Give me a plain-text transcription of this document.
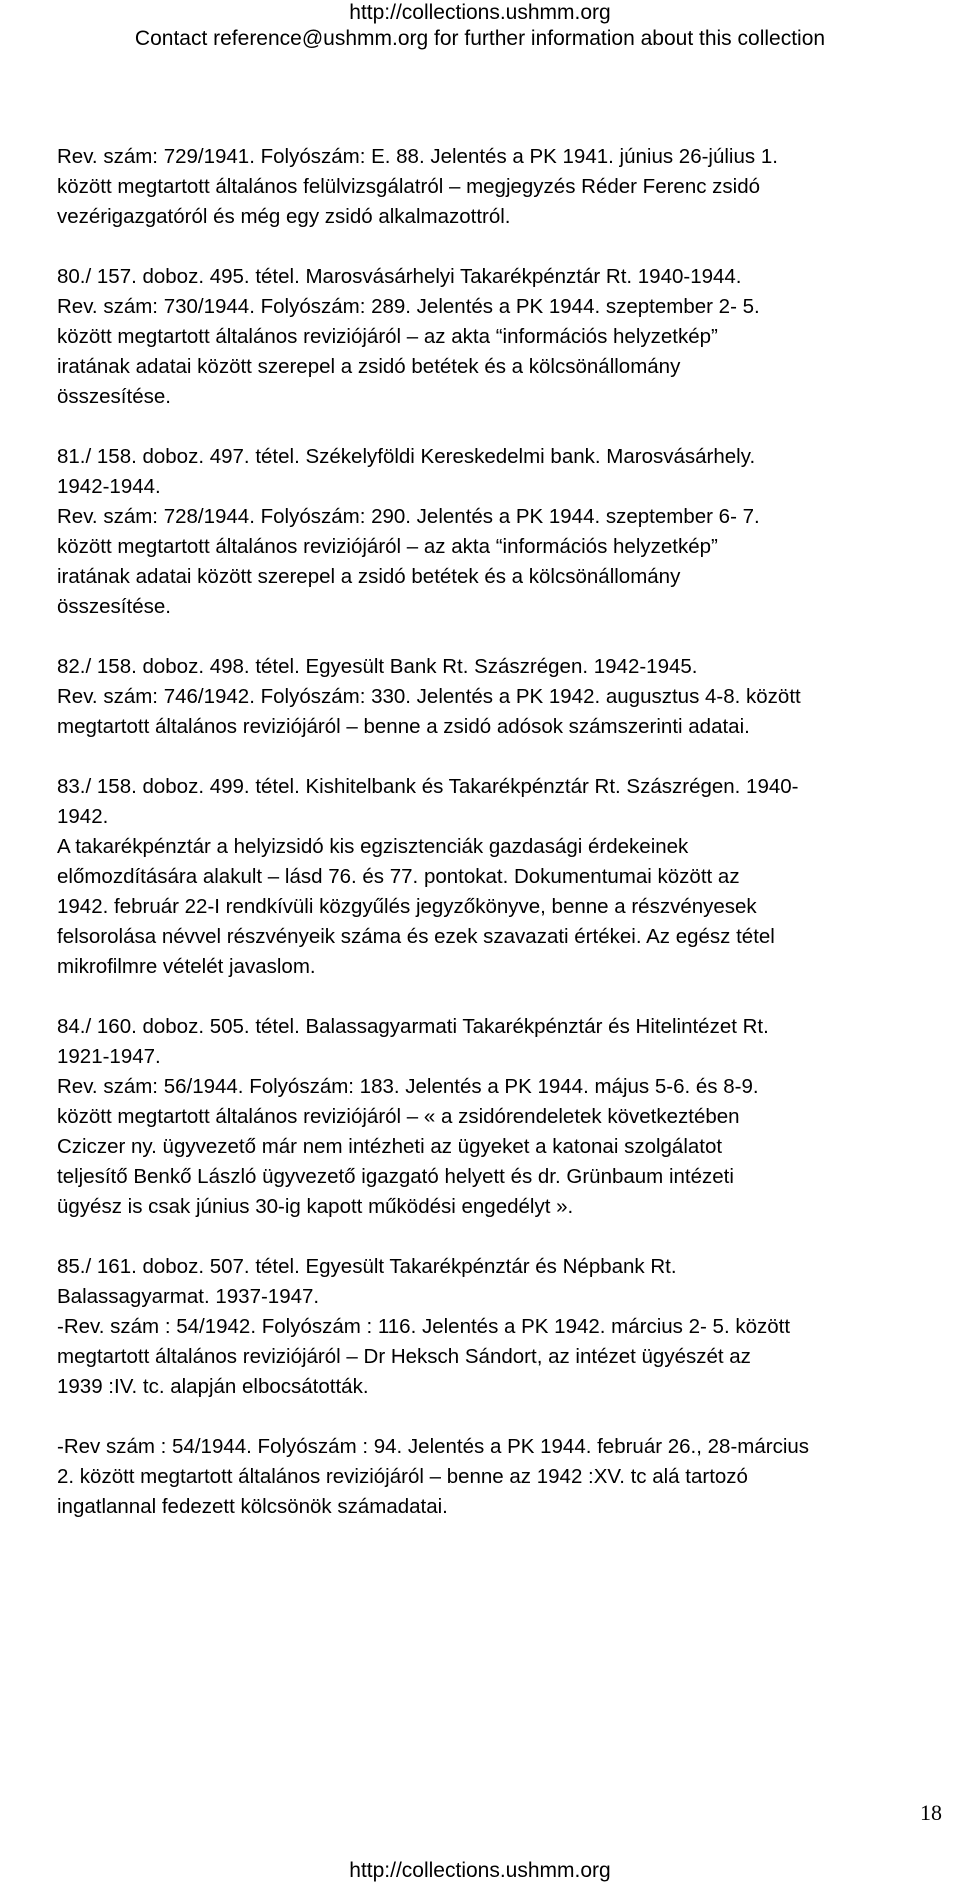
http://collections.ushmm.org
Contact reference@ushmm.org for further information about this collection

Rev. szám: 729/1941. Folyószám: E. 88. Jelentés a PK 1941. június 26-július 1.
között megtartott általános felülvizsgálatról – megjegyzés Réder Ferenc zsidó
vezérigazgatóról és még egy zsidó alkalmazottról.

80./ 157. doboz. 495. tétel. Marosvásárhelyi Takarékpénztár Rt. 1940-1944.
Rev. szám: 730/1944. Folyószám: 289. Jelentés a PK 1944. szeptember 2- 5.
között megtartott általános reviziójáról – az akta “információs helyzetkép”
iratának adatai között szerepel a zsidó betétek és a kölcsönállomány
összesítése.

81./ 158. doboz. 497. tétel. Székelyföldi Kereskedelmi bank. Marosvásárhely.
1942-1944.
Rev. szám: 728/1944. Folyószám: 290. Jelentés a PK 1944. szeptember 6- 7.
között megtartott általános reviziójáról – az akta “információs helyzetkép”
iratának adatai között szerepel a zsidó betétek és a kölcsönállomány
összesítése.

82./ 158. doboz. 498. tétel. Egyesült Bank Rt. Szászrégen. 1942-1945.
Rev. szám: 746/1942. Folyószám: 330. Jelentés a PK 1942. augusztus 4-8. között
megtartott általános reviziójáról – benne a zsidó adósok számszerinti adatai.

83./ 158. doboz. 499. tétel. Kishitelbank és Takarékpénztár Rt. Szászrégen. 1940-
1942.
A takarékpénztár a helyizsidó kis egzisztenciák gazdasági érdekeinek
előmozdítására alakult – lásd 76. és 77. pontokat. Dokumentumai között az
1942. február 22-I rendkívüli közgyűlés jegyzőkönyve, benne a részvényesek
felsorolása névvel részvényeik száma és ezek szavazati értékei. Az egész tétel
mikrofilmre vételét javaslom.

84./ 160. doboz. 505. tétel. Balassagyarmati Takarékpénztár és Hitelintézet Rt.
1921-1947.
Rev. szám: 56/1944. Folyószám: 183. Jelentés a PK 1944. május 5-6. és 8-9.
között megtartott általános reviziójáról – « a zsidórendeletek következtében
Cziczer ny. ügyvezető már nem intézheti az ügyeket a katonai szolgálatot
teljesítő Benkő László ügyvezető igazgató helyett és dr. Grünbaum intézeti
ügyész is csak június 30-ig kapott működési engedélyt ».

85./ 161. doboz. 507. tétel. Egyesült Takarékpénztár és Népbank Rt.
Balassagyarmat. 1937-1947.
-Rev. szám : 54/1942. Folyószám : 116. Jelentés a PK 1942. március 2- 5. között
megtartott általános reviziójáról – Dr Heksch Sándort, az intézet ügyészét az
1939 :IV. tc. alapján elbocsátották.

-Rev szám : 54/1944. Folyószám : 94. Jelentés a PK 1944. február 26., 28-március
2. között megtartott általános reviziójáról – benne az 1942 :XV. tc alá tartozó
ingatlannal fedezett kölcsönök számadatai.

18
http://collections.ushmm.org
